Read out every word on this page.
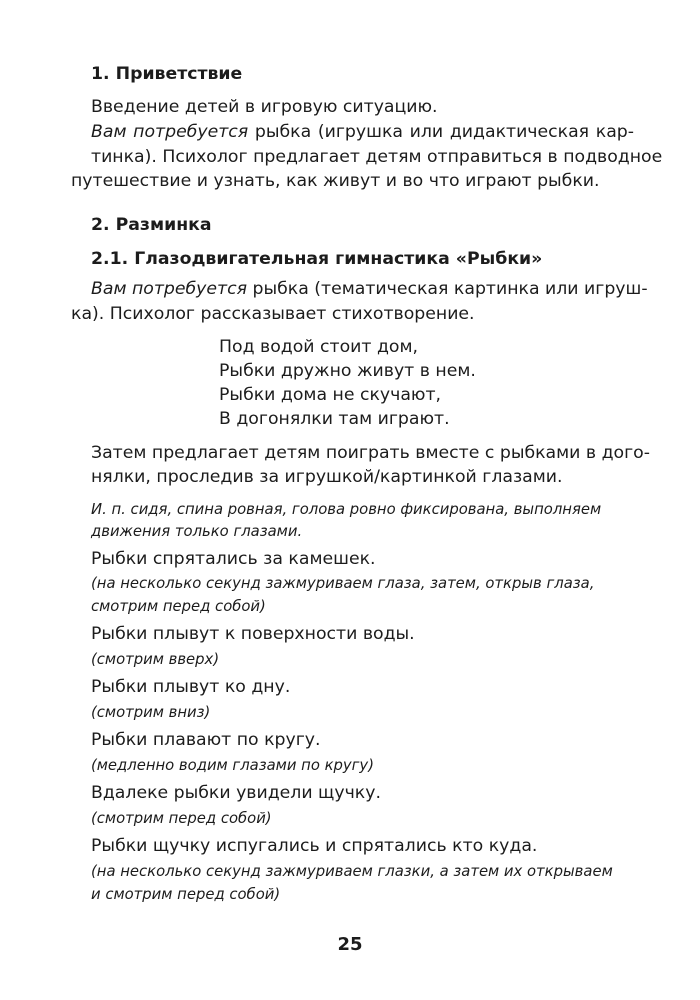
1. Приветствие
Введение детей в игровую ситуацию.
Вам потребуется рыбка (игрушка или дидактическая кар-
тинка). Психолог предлагает детям отправиться в подводное
путешествие и узнать, как живут и во что играют рыбки.
2. Разминка
2.1. Глазодвигательная гимнастика «Рыбки»
Вам потребуется рыбка (тематическая картинка или игруш-
ка). Психолог рассказывает стихотворение.
Под водой стоит дом,
Рыбки дружно живут в нем.
Рыбки дома не скучают,
В догонялки там играют.
Затем предлагает детям поиграть вместе с рыбками в дого-
нялки, проследив за игрушкой/картинкой глазами.
И. п. сидя, спина ровная, голова ровно фиксирована, выполняем
движения только глазами.
Рыбки спрятались за камешек.
(на несколько секунд зажмуриваем глаза, затем, открыв глаза,
смотрим перед собой)
Рыбки плывут к поверхности воды.
(смотрим вверх)
Рыбки плывут ко дну.
(смотрим вниз)
Рыбки плавают по кругу.
(медленно водим глазами по кругу)
Вдалеке рыбки увидели щучку.
(смотрим перед собой)
Рыбки щучку испугались и спрятались кто куда.
(на несколько секунд зажмуриваем глазки, а затем их открываем
и смотрим перед собой)
25
